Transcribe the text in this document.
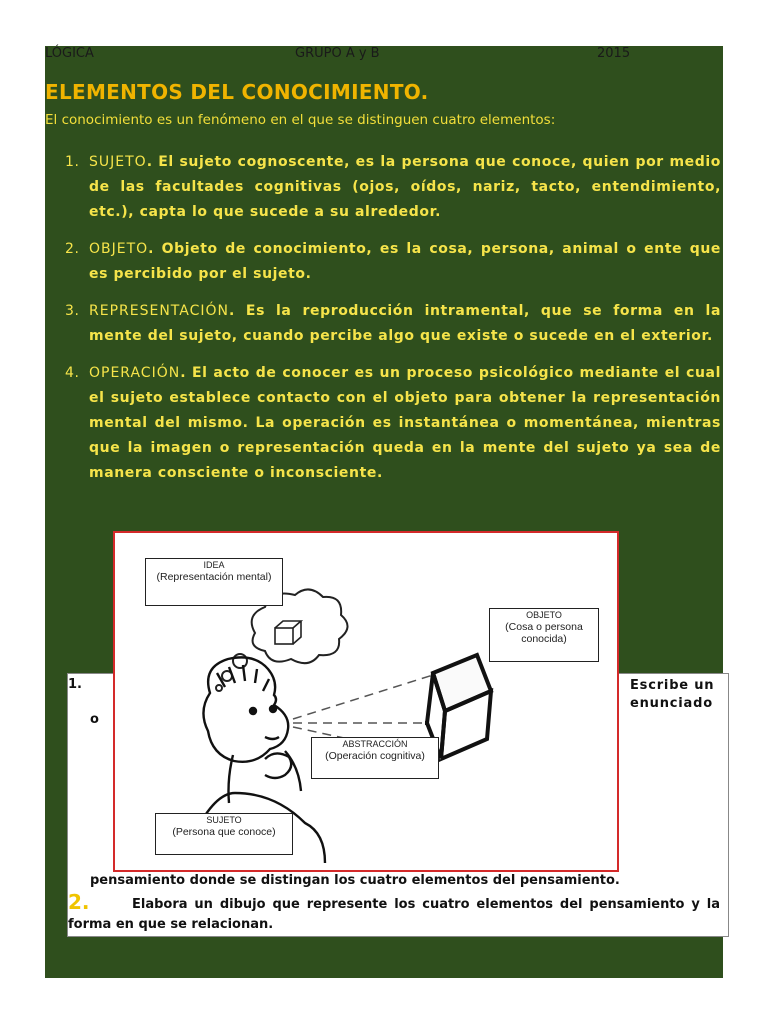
LÓGICA	GRUPO A y B	2015
ELEMENTOS DEL CONOCIMIENTO.
El conocimiento es un fenómeno en el que se distinguen cuatro elementos:
1. SUJETO. El sujeto cognoscente, es la persona que conoce, quien por medio de las facultades cognitivas (ojos, oídos, nariz, tacto, entendimiento, etc.), capta lo que sucede a su alrededor.
2. OBJETO. Objeto de conocimiento, es la cosa, persona, animal o ente que es percibido por el sujeto.
3. REPRESENTACIÓN. Es la reproducción intramental, que se forma en la mente del sujeto, cuando percibe algo que existe o sucede en el exterior.
4. OPERACIÓN. El acto de conocer es un proceso psicológico mediante el cual el sujeto establece contacto con el objeto para obtener la representación mental del mismo. La operación es instantánea o momentánea, mientras que la imagen o representación queda en la mente del sujeto ya sea de manera consciente o inconsciente.
IDEA
(Representación mental)
OBJETO
(Cosa o persona conocida)
ABSTRACCIÓN
(Operación cognitiva)
SUJETO
(Persona que conoce)
1.	Escribe un enunciado
o
pensamiento donde se distingan los cuatro elementos del pensamiento.
2.	Elabora un dibujo que represente los cuatro elementos del pensamiento y la forma en que se relacionan.
